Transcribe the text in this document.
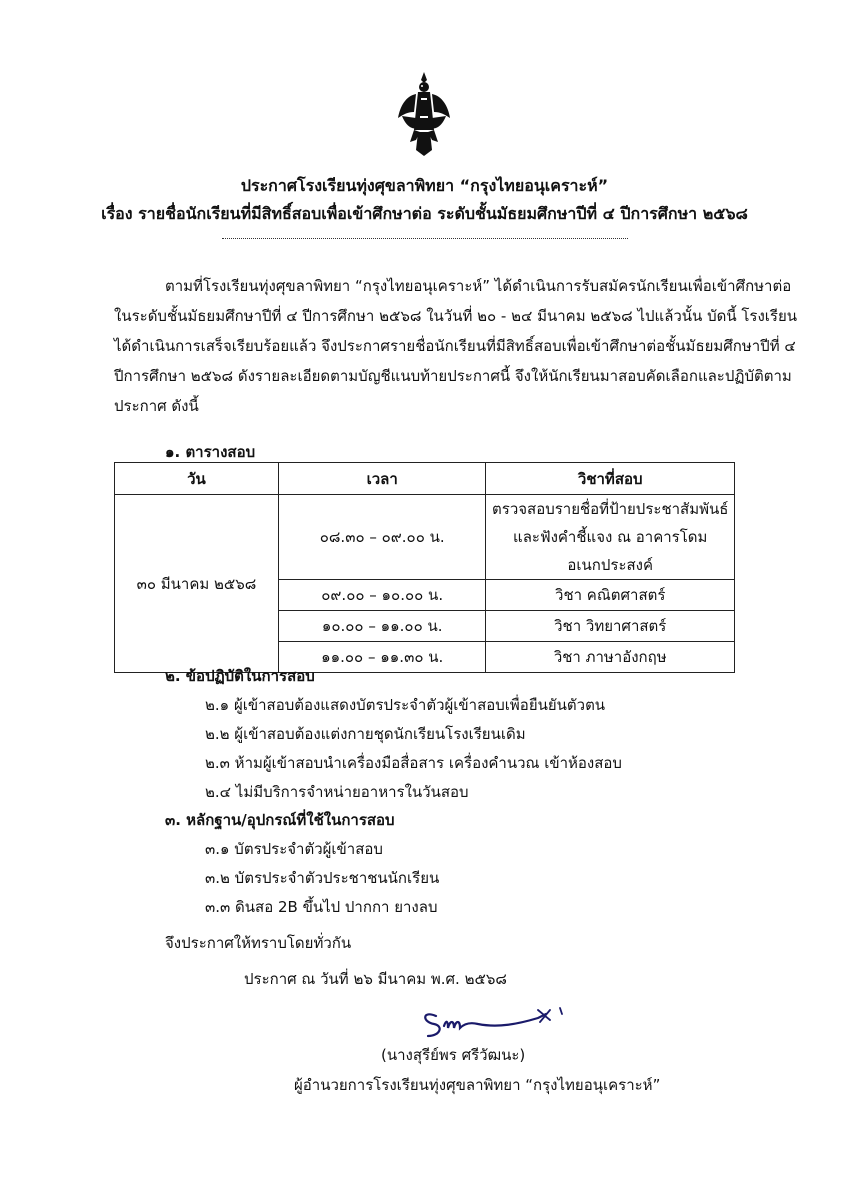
ประกาศโรงเรียนทุ่งศุขลาพิทยา “กรุงไทยอนุเคราะห์”
เรื่อง รายชื่อนักเรียนที่มีสิทธิ์สอบเพื่อเข้าศึกษาต่อ ระดับชั้นมัธยมศึกษาปีที่ ๔ ปีการศึกษา ๒๕๖๘
ตามที่โรงเรียนทุ่งศุขลาพิทยา “กรุงไทยอนุเคราะห์” ได้ดำเนินการรับสมัครนักเรียนเพื่อเข้าศึกษาต่อ
ในระดับชั้นมัธยมศึกษาปีที่ ๔ ปีการศึกษา ๒๕๖๘ ในวันที่ ๒๐ - ๒๔ มีนาคม ๒๕๖๘ ไปแล้วนั้น บัดนี้ โรงเรียน
ได้ดำเนินการเสร็จเรียบร้อยแล้ว จึงประกาศรายชื่อนักเรียนที่มีสิทธิ์สอบเพื่อเข้าศึกษาต่อชั้นมัธยมศึกษาปีที่ ๔
ปีการศึกษา ๒๕๖๘ ดังรายละเอียดตามบัญชีแนบท้ายประกาศนี้ จึงให้นักเรียนมาสอบคัดเลือกและปฏิบัติตาม
ประกาศ ดังนี้
๑. ตารางสอบ
วัน	เวลา	วิชาที่สอบ
๓๐ มีนาคม ๒๕๖๘	๐๘.๓๐ – ๐๙.๐๐ น.	ตรวจสอบรายชื่อที่ป้ายประชาสัมพันธ์
และฟังคำชี้แจง ณ อาคารโดมอเนกประสงค์

	๐๙.๐๐ – ๑๐.๐๐ น.	วิชา คณิตศาสตร์
	๑๐.๐๐ – ๑๑.๐๐ น.	วิชา วิทยาศาสตร์
	๑๑.๐๐ – ๑๑.๓๐ น.	วิชา ภาษาอังกฤษ
๒. ข้อปฏิบัติในการสอบ
๒.๑ ผู้เข้าสอบต้องแสดงบัตรประจำตัวผู้เข้าสอบเพื่อยืนยันตัวตน
๒.๒ ผู้เข้าสอบต้องแต่งกายชุดนักเรียนโรงเรียนเดิม
๒.๓ ห้ามผู้เข้าสอบนำเครื่องมือสื่อสาร เครื่องคำนวณ เข้าห้องสอบ
๒.๔ ไม่มีบริการจำหน่ายอาหารในวันสอบ
๓. หลักฐาน/อุปกรณ์ที่ใช้ในการสอบ
๓.๑ บัตรประจำตัวผู้เข้าสอบ
๓.๒ บัตรประจำตัวประชาชนนักเรียน
๓.๓ ดินสอ 2B ขึ้นไป ปากกา ยางลบ
จึงประกาศให้ทราบโดยทั่วกัน
ประกาศ ณ วันที่ ๒๖ มีนาคม พ.ศ. ๒๕๖๘
(นางสุรีย์พร ศรีวัฒนะ)
ผู้อำนวยการโรงเรียนทุ่งศุขลาพิทยา “กรุงไทยอนุเคราะห์”
